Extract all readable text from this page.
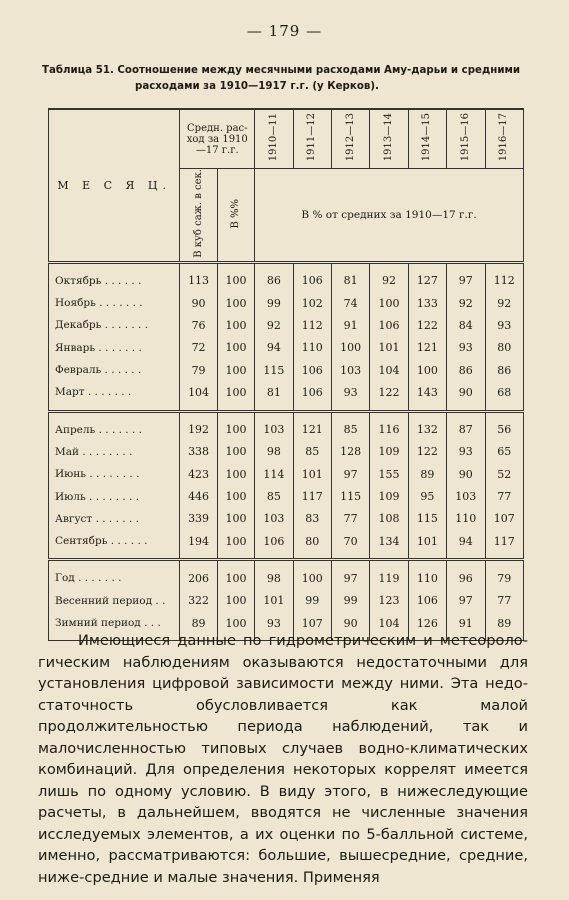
— 179 —
Таблица 51. Соотношение между месячными расходами Аму-дарьи и средними
расходами за 1910—1917 г.г. (у Керков).
М Е С Я Ц.	Средн. рас-ход за 1910—17 г.г.		1910—11	1911—12	1912—13	1913—14	1914—15	1915—16	1916—17
	В куб саж. в сек.	В %%	В % от средних за 1910—17 г.г.						

Октябрь . . . . . .	113	100	86	106	81	92	127	97	112
Ноябрь . . . . . . .	90	100	99	102	74	100	133	92	92
Декабрь . . . . . . .	76	100	92	112	91	106	122	84	93
Январь . . . . . . .	72	100	94	110	100	101	121	93	80
Февраль . . . . . .	79	100	115	106	103	104	100	86	86
Март . . . . . . .	104	100	81	106	93	122	143	90	68

Апрель . . . . . . .	192	100	103	121	85	116	132	87	56
Май . . . . . . . .	338	100	98	85	128	109	122	93	65
Июнь . . . . . . . .	423	100	114	101	97	155	89	90	52
Июль . . . . . . . .	446	100	85	117	115	109	95	103	77
Август . . . . . . .	339	100	103	83	77	108	115	110	107
Сентябрь . . . . . .	194	100	106	80	70	134	101	94	117

Год . . . . . . .	206	100	98	100	97	119	110	96	79
Весенний период . .	322	100	101	99	99	123	106	97	77
Зимний период . . .	89	100	93	107	90	104	126	91	89

Имеющиеся данные по гидрометрическим и метеорологическим наблюдениям оказываются недостаточными для установления цифровой зависимости между ними. Эта недостаточность обусловливается как малой продолжительностью периода наблюдений, так и малочисленностью типовых случаев водно-климатических комбинаций. Для определения некоторых коррелят имеется лишь по одному условию. В виду этого, в нижеследующие расчеты, в дальнейшем, вводятся не численные значения исследуемых элементов, а их оценки по 5-балльной системе, именно, рассматриваются: большие, вышесредние, средние, ниже-средние и малые значения. Применяя
